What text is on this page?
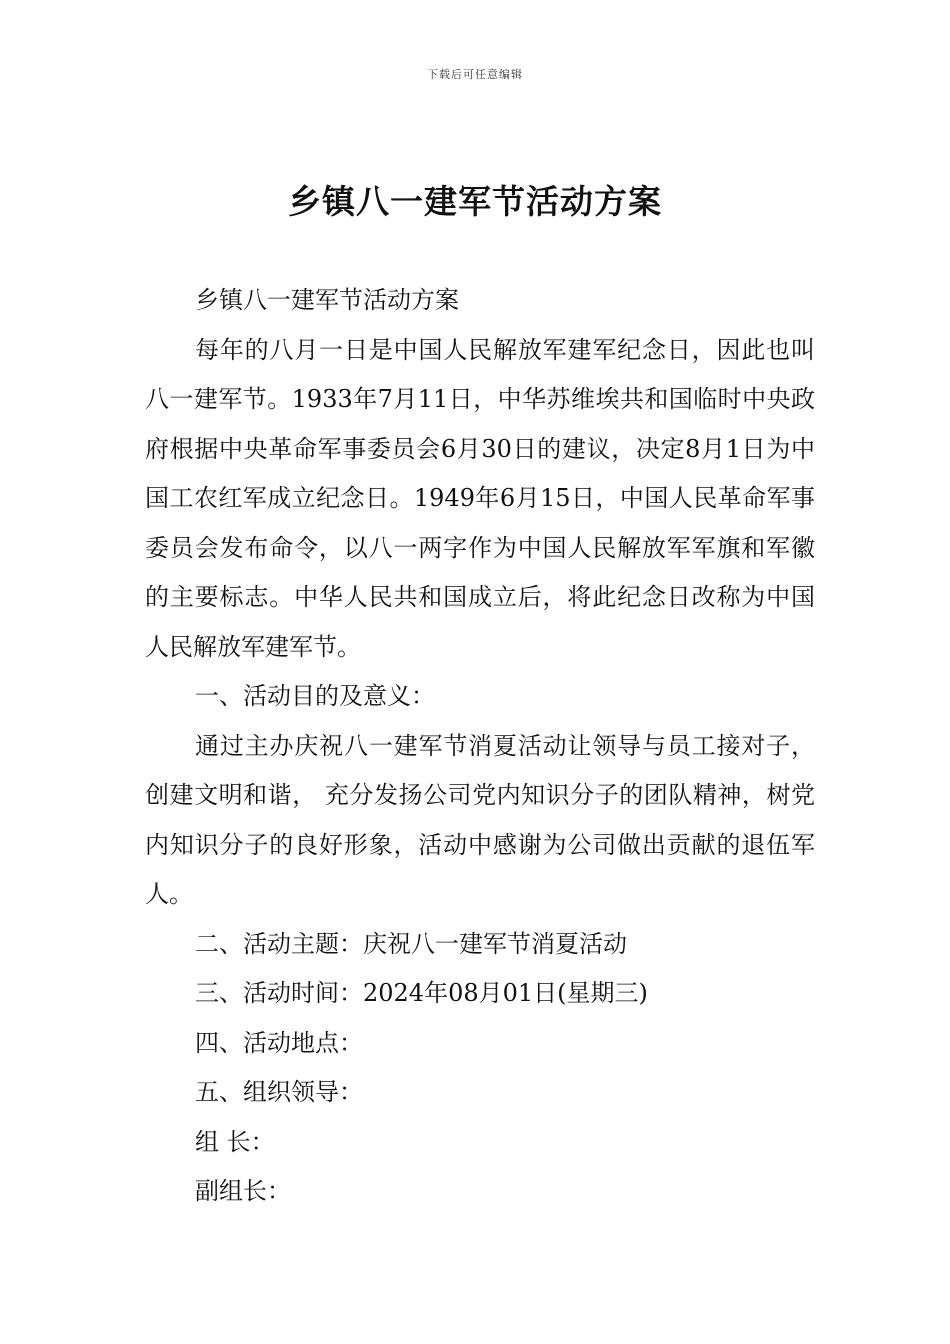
下载后可任意编辑
乡镇八一建军节活动方案

乡镇八一建军节活动方案

每年的八月一日是中国人民解放军建军纪念日，因此也叫八一建军节。1933年7月11日，中华苏维埃共和国临时中央政府根据中央革命军事委员会6月30日的建议，决定8月1日为中国工农红军成立纪念日。1949年6月15日，中国人民革命军事委员会发布命令，以八一两字作为中国人民解放军军旗和军徽的主要标志。中华人民共和国成立后，将此纪念日改称为中国人民解放军建军节。

一、活动目的及意义：

通过主办庆祝八一建军节消夏活动让领导与员工接对子，创建文明和谐， 充分发扬公司党内知识分子的团队精神，树党内知识分子的良好形象，活动中感谢为公司做出贡献的退伍军人。

二、活动主题：庆祝八一建军节消夏活动

三、活动时间：2024年08月01日(星期三)

四、活动地点：

五、组织领导：

组 长：

副组长：
